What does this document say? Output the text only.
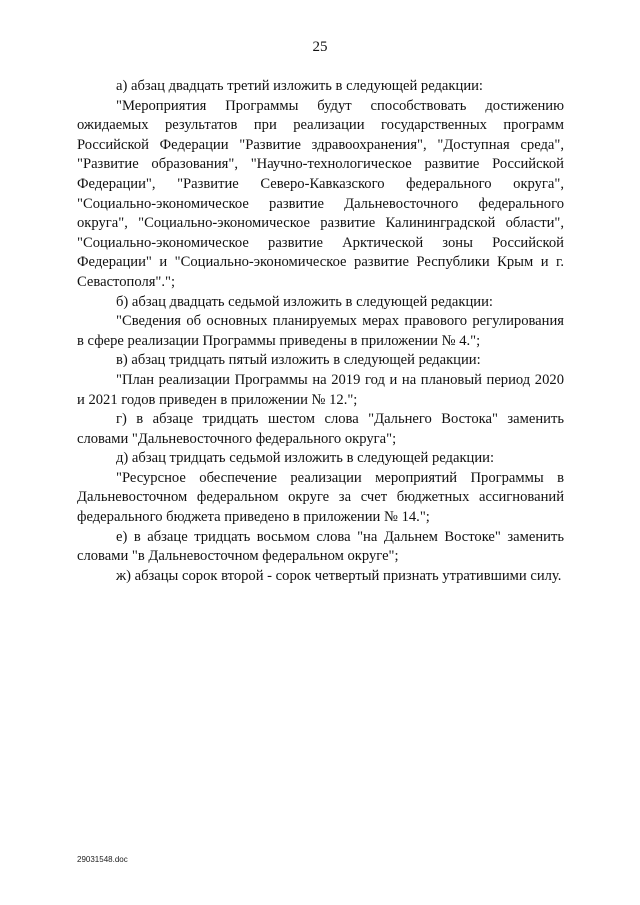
25

а) абзац двадцать третий изложить в следующей редакции:

"Мероприятия Программы будут способствовать достижению ожидаемых результатов при реализации государственных программ Российской Федерации "Развитие здравоохранения", "Доступная среда", "Развитие образования", "Научно-технологическое развитие Российской Федерации", "Развитие Северо-Кавказского федерального округа", "Социально-экономическое развитие Дальневосточного федерального округа", "Социально-экономическое развитие Калининградской области", "Социально-экономическое развитие Арктической зоны Российской Федерации" и "Социально-экономическое развитие Республики Крым и г. Севастополя".";

б) абзац двадцать седьмой изложить в следующей редакции:

"Сведения об основных планируемых мерах правового регулирования в сфере реализации Программы приведены в приложении № 4.";

в) абзац тридцать пятый изложить в следующей редакции:

"План реализации Программы на 2019 год и на плановый период 2020 и 2021 годов приведен в приложении № 12.";

г) в абзаце тридцать шестом слова "Дальнего Востока" заменить словами "Дальневосточного федерального округа";

д) абзац тридцать седьмой изложить в следующей редакции:

"Ресурсное обеспечение реализации мероприятий Программы в Дальневосточном федеральном округе за счет бюджетных ассигнований федерального бюджета приведено в приложении № 14.";

е) в абзаце тридцать восьмом слова "на Дальнем Востоке" заменить словами "в Дальневосточном федеральном округе";

ж) абзацы сорок второй - сорок четвертый признать утратившими силу.

29031548.doc
